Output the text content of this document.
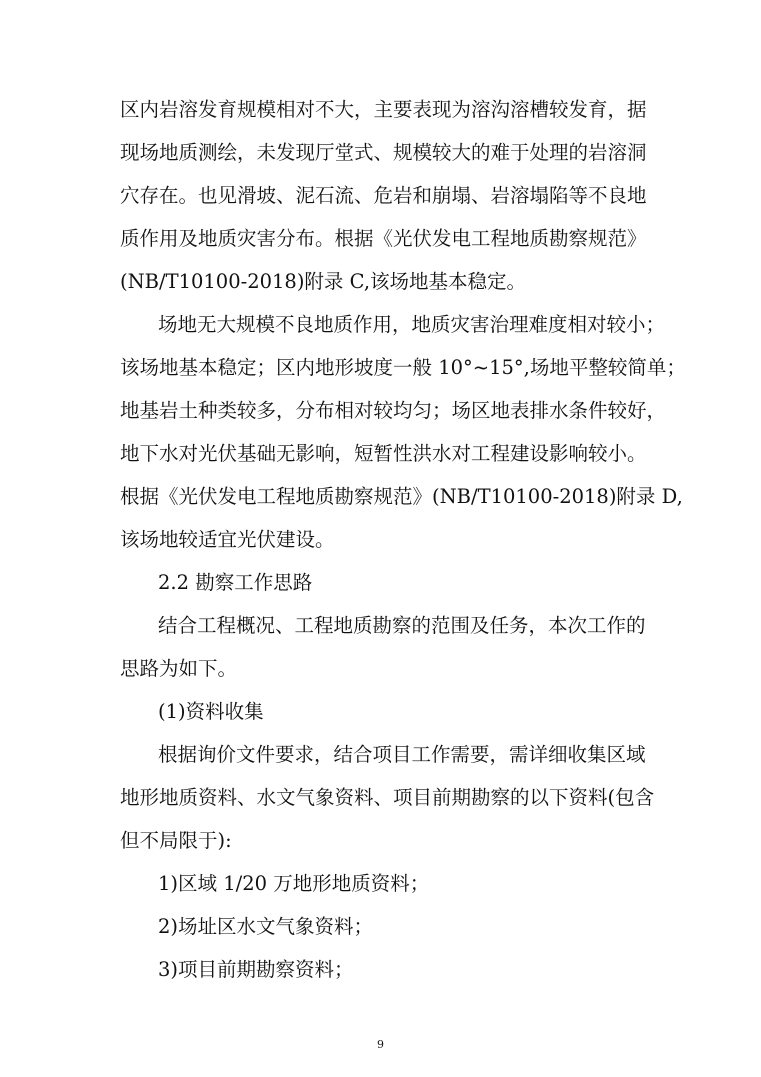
区内岩溶发育规模相对不大，主要表现为溶沟溶槽较发育，据
现场地质测绘，未发现厅堂式、规模较大的难于处理的岩溶洞
穴存在。也见滑坡、泥石流、危岩和崩塌、岩溶塌陷等不良地
质作用及地质灾害分布。根据《光伏发电工程地质勘察规范》
(NB/T10100-2018)附录 C,该场地基本稳定。
场地无大规模不良地质作用，地质灾害治理难度相对较小；
该场地基本稳定；区内地形坡度一般 10°~15°,场地平整较简单；
地基岩土种类较多，分布相对较均匀；场区地表排水条件较好，
地下水对光伏基础无影响，短暂性洪水对工程建设影响较小。
根据《光伏发电工程地质勘察规范》(NB/T10100-2018)附录 D,
该场地较适宜光伏建设。
2.2 勘察工作思路
结合工程概况、工程地质勘察的范围及任务，本次工作的
思路为如下。
(1)资料收集
根据询价文件要求，结合项目工作需要，需详细收集区域
地形地质资料、水文气象资料、项目前期勘察的以下资料(包含
但不局限于):
1)区域 1/20 万地形地质资料；
2)场址区水文气象资料；
3)项目前期勘察资料；
9
